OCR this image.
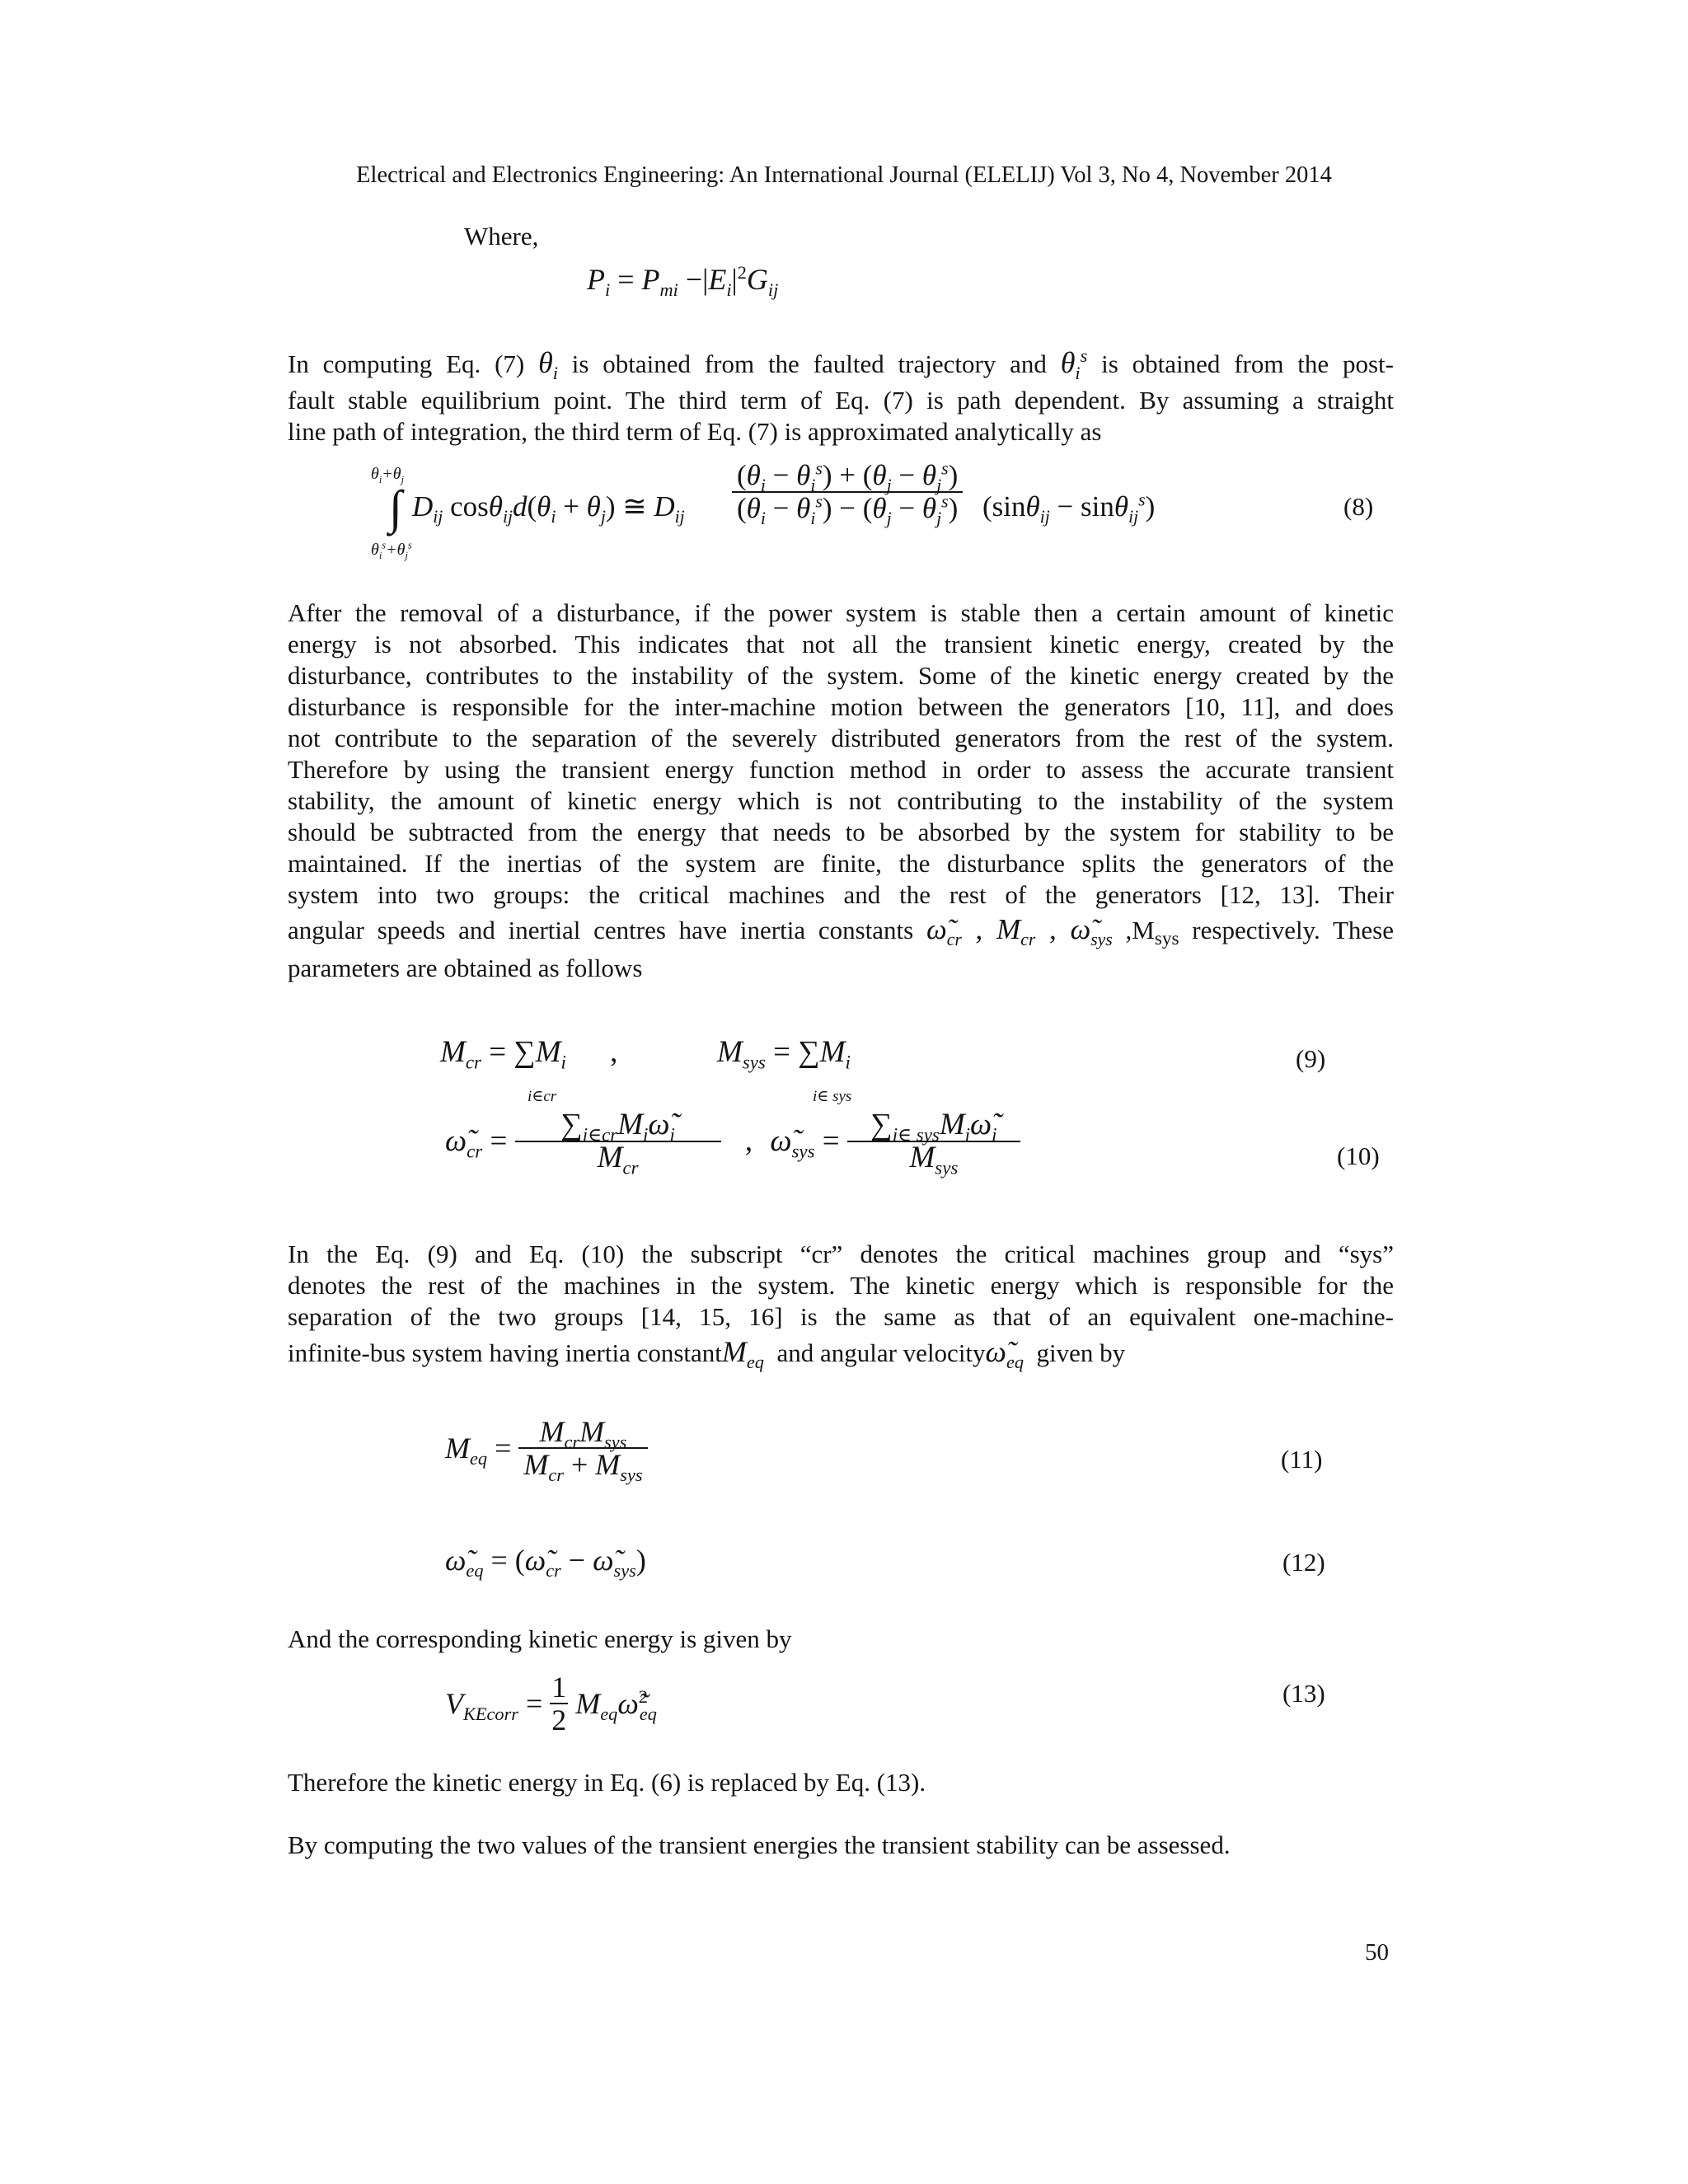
Electrical and Electronics Engineering: An International Journal (ELELIJ) Vol 3, No 4, November 2014
Where,
$P_i = P_{mi} -|E_i|^2G_{ij}$
In computing Eq. (7) $\theta_i$ is obtained from the faulted trajectory and $\theta_i^s$ is obtained from the post-
fault stable equilibrium point. The third term of Eq. (7) is path dependent. By assuming a straight
line path of integration, the third term of Eq. (7) is approximated analytically as
$\theta_i+\theta_j$
∫
$\theta_i^s+\theta_j^s$
$D_{ij}$ $\cos\theta_{ij}d(\theta_i + \theta_j)$ ≅ $D_{ij} \frac{(\theta_i - \theta_i^s) + (\theta_j - \theta_j^s)}{(\theta_i - \theta_i^s) - (\theta_j - \theta_j^s)} (\sin\theta_{ij} - \sin\theta_{ij}^s)$	(8)
After the removal of a disturbance, if the power system is stable then a certain amount of kinetic
energy is not absorbed. This indicates that not all the transient kinetic energy, created by the
disturbance, contributes to the instability of the system. Some of the kinetic energy created by the
disturbance is responsible for the inter-machine motion between the generators [10, 11], and does
not contribute to the separation of the severely distributed generators from the rest of the system.
Therefore by using the transient energy function method in order to assess the accurate transient
stability, the amount of kinetic energy which is not contributing to the instability of the system
should be subtracted from the energy that needs to be absorbed by the system for stability to be
maintained. If the inertias of the system are finite, the disturbance splits the generators of the
system into two groups: the critical machines and the rest of the generators [12, 13]. Their
angular speeds and inertial centres have inertia constants $\omegã_{cr}$ , $M_{cr}$ , $\omegã_{sys}$ $,M_{sys}$ respectively. These
parameters are obtained as follows
$M_{cr} = \sum M_i$ ,
i∈cr
$M_{sys} = \sum M_i$
i∈ sys
(9)
$\omegã_{cr} = \frac{\sum_{i\in cr}M_i\omegã_i}{M_{cr}}$ , $\omegã_{sys} = \frac{\sum_{i\in sys}M_i\omegã_i}{M_{sys}}$	(10)
In the Eq. (9) and Eq. (10) the subscript “cr” denotes the critical machines group and “sys”
denotes the rest of the machines in the system. The kinetic energy which is responsible for the
separation of the two groups [14, 15, 16] is the same as that of an equivalent one-machine-
infinite-bus system having inertia constantM$_{eq}$ and angular $velocity\omegã_{eq}$ given by
$M_{eq} = \frac{M_{cr}M_{sys}}{M_{cr} + M_{sys}}$	(11)
$\omegã_{eq}$ = ($\omegã_{cr}$ − $\omegã_{sys}$)	(12)
And the corresponding kinetic energy is given by
$V_{KEcorr} = \frac{1}{2}$ $M_{eq}\omegã^2_{eq}$
(13)
Therefore the kinetic energy in Eq. (6) is replaced by Eq. (13).
By computing the two values of the transient energies the transient stability can be assessed.
50
